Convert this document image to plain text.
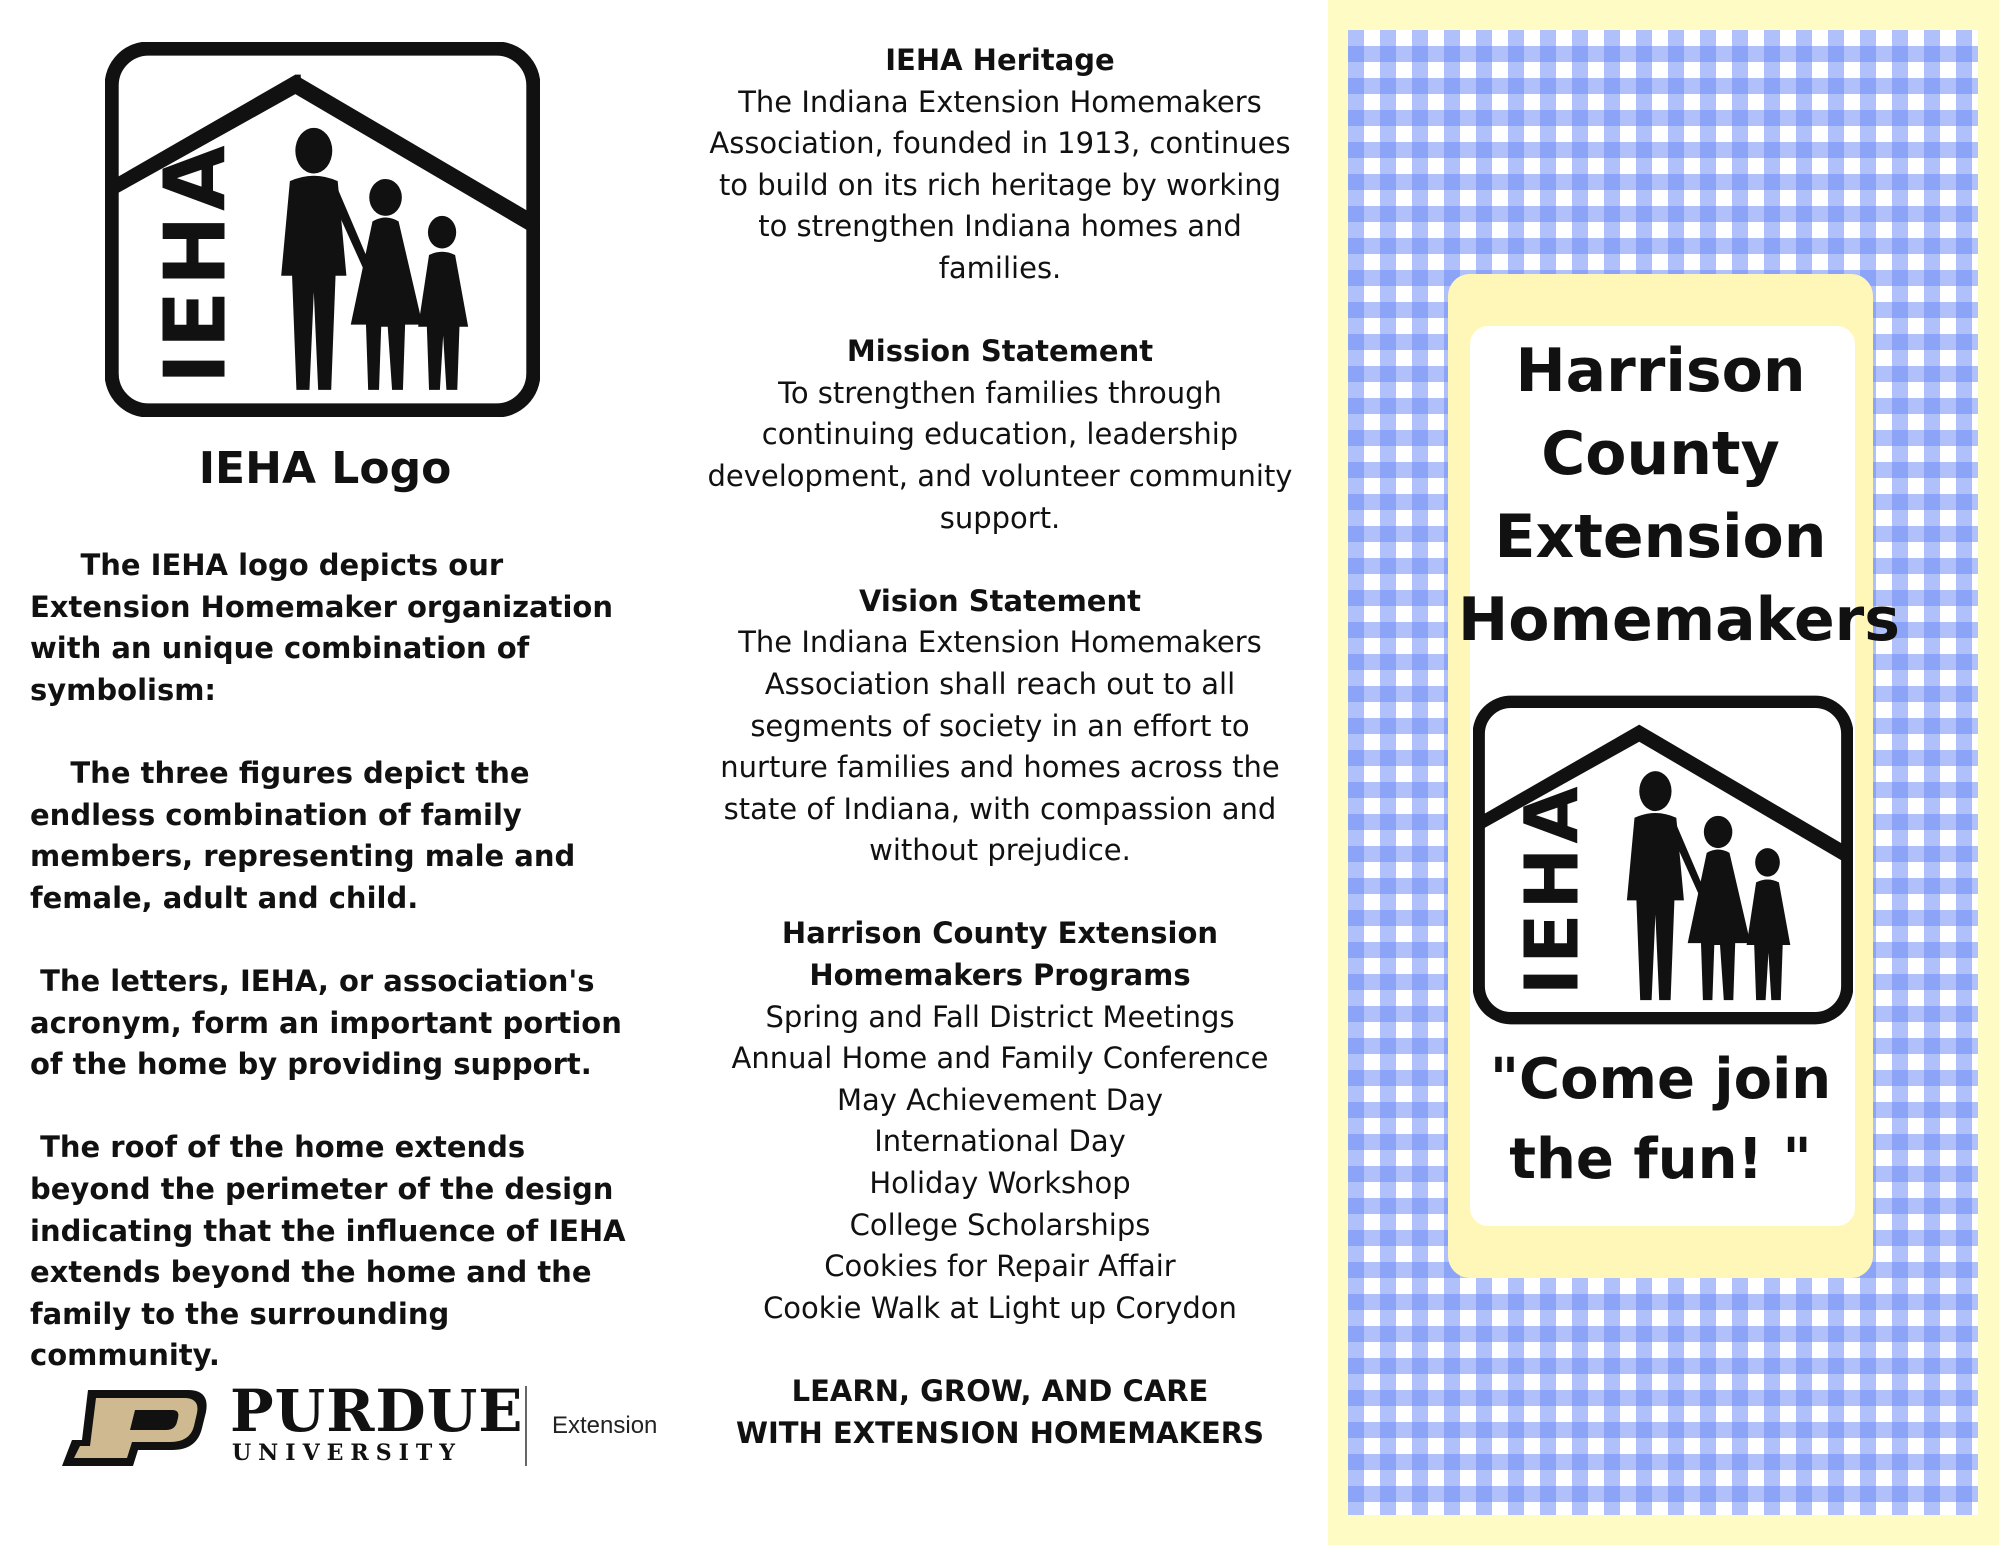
IEHA
IEHA Logo

The IEHA logo depicts our Extension Homemaker organization with an unique combination of symbolism:

The three figures depict the endless combination of family members, representing male and female, adult and child.

The letters, IEHA, or association's acronym, form an important portion of the home by providing support.

The roof of the home extends beyond the perimeter of the design indicating that the influence of IEHA extends beyond the home and the family to the surrounding community.

PURDUE
UNIVERSITY
Extension
IEHA Heritage
The Indiana Extension Homemakers
Association, founded in 1913, continues
to build on its rich heritage by working
to strengthen Indiana homes and
families.
Mission Statement
To strengthen families through
continuing education, leadership
development, and volunteer community
support.
Vision Statement
The Indiana Extension Homemakers
Association shall reach out to all
segments of society in an effort to
nurture families and homes across the
state of Indiana, with compassion and
without prejudice.
Harrison County Extension
Homemakers Programs
Spring and Fall District Meetings
Annual Home and Family Conference
May Achievement Day
International Day
Holiday Workshop
College Scholarships
Cookies for Repair Affair
Cookie Walk at Light up Corydon
LEARN, GROW, AND CARE
WITH EXTENSION HOMEMAKERS
Harrison
County
Extension
Homemakers
IEHA
"Come join
the fun! "
